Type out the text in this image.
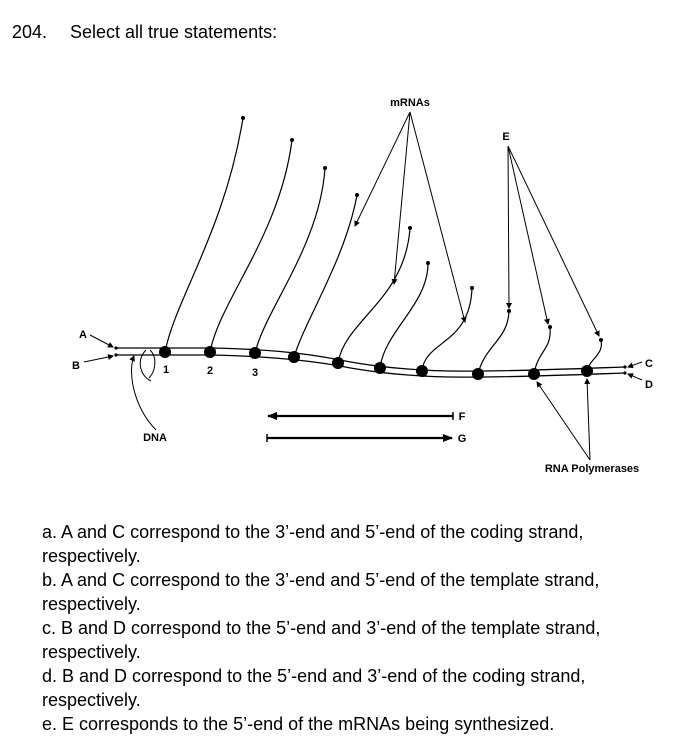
204. Select all true statements:
mRNAs
E
A
B	C
D
F
G
DNA
RNA Polymerases
1	2	3

a. A and C correspond to the 3’-end and 5’-end of the coding strand, respectively.

b. A and C correspond to the 3’-end and 5’-end of the template strand, respectively.

c. B and D correspond to the 5’-end and 3’-end of the template strand, respectively.

d. B and D correspond to the 5’-end and 3’-end of the coding strand, respectively.

e. E corresponds to the 5’-end of the mRNAs being synthesized.
